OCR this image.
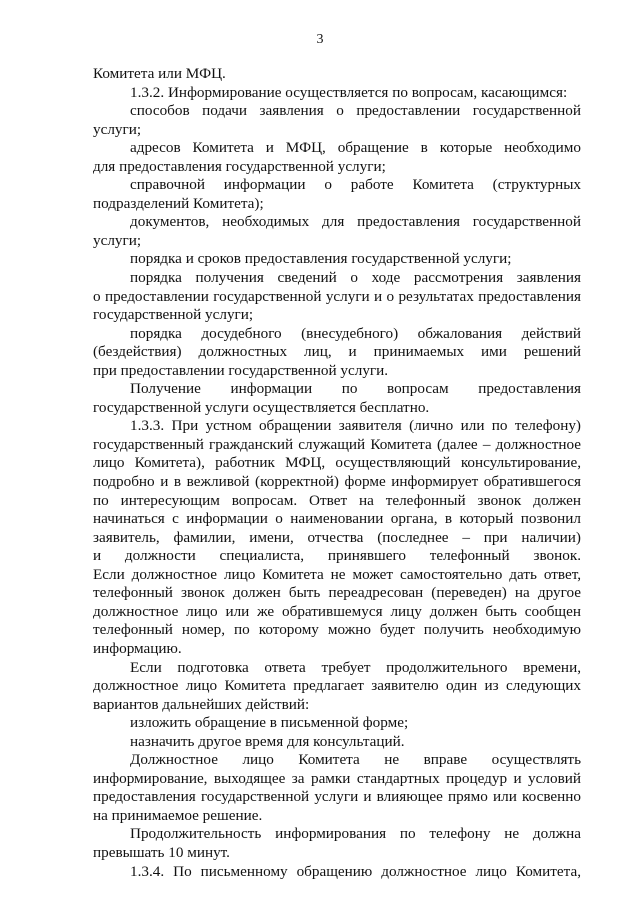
3
Комитета или МФЦ.
1.3.2. Информирование осуществляется по вопросам, касающимся:
способов подачи заявления о предоставлении государственной
услуги;
адресов Комитета и МФЦ, обращение в которые необходимо
для предоставления государственной услуги;
справочной информации о работе Комитета (структурных
подразделений Комитета);
документов, необходимых для предоставления государственной
услуги;
порядка и сроков предоставления государственной услуги;
порядка получения сведений о ходе рассмотрения заявления
о предоставлении государственной услуги и о результатах предоставления
государственной услуги;
порядка досудебного (внесудебного) обжалования действий
(бездействия) должностных лиц, и принимаемых ими решений
при предоставлении государственной услуги.
Получение информации по вопросам предоставления
государственной услуги осуществляется бесплатно.
1.3.3. При устном обращении заявителя (лично или по телефону)
государственный гражданский служащий Комитета (далее – должностное
лицо Комитета), работник МФЦ, осуществляющий консультирование,
подробно и в вежливой (корректной) форме информирует обратившегося
по интересующим вопросам. Ответ на телефонный звонок должен
начинаться с информации о наименовании органа, в который позвонил
заявитель, фамилии, имени, отчества (последнее – при наличии)
и должности специалиста, принявшего телефонный звонок.
Если должностное лицо Комитета не может самостоятельно дать ответ,
телефонный звонок должен быть переадресован (переведен) на другое
должностное лицо или же обратившемуся лицу должен быть сообщен
телефонный номер, по которому можно будет получить необходимую
информацию.
Если подготовка ответа требует продолжительного времени,
должностное лицо Комитета предлагает заявителю один из следующих
вариантов дальнейших действий:
изложить обращение в письменной форме;
назначить другое время для консультаций.
Должностное лицо Комитета не вправе осуществлять
информирование, выходящее за рамки стандартных процедур и условий
предоставления государственной услуги и влияющее прямо или косвенно
на принимаемое решение.
Продолжительность информирования по телефону не должна
превышать 10 минут.
1.3.4. По письменному обращению должностное лицо Комитета,
